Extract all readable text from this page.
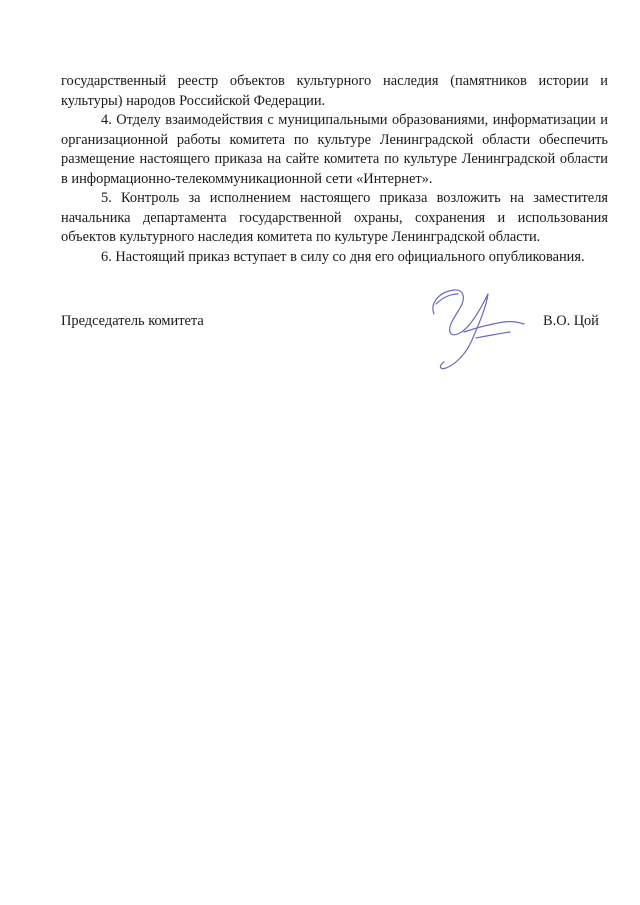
государственный реестр объектов культурного наследия (памятников истории и культуры) народов Российской Федерации.

4. Отделу взаимодействия с муниципальными образованиями, информатизации и организационной работы комитета по культуре Ленинградской области обеспечить размещение настоящего приказа на сайте комитета по культуре Ленинградской области в информационно-телекоммуникационной сети «Интернет».

5. Контроль за исполнением настоящего приказа возложить на заместителя начальника департамента государственной охраны, сохранения и использования объектов культурного наследия комитета по культуре Ленинградской области.

6. Настоящий приказ вступает в силу со дня его официального опубликования.

Председатель комитета	В.О. Цой
